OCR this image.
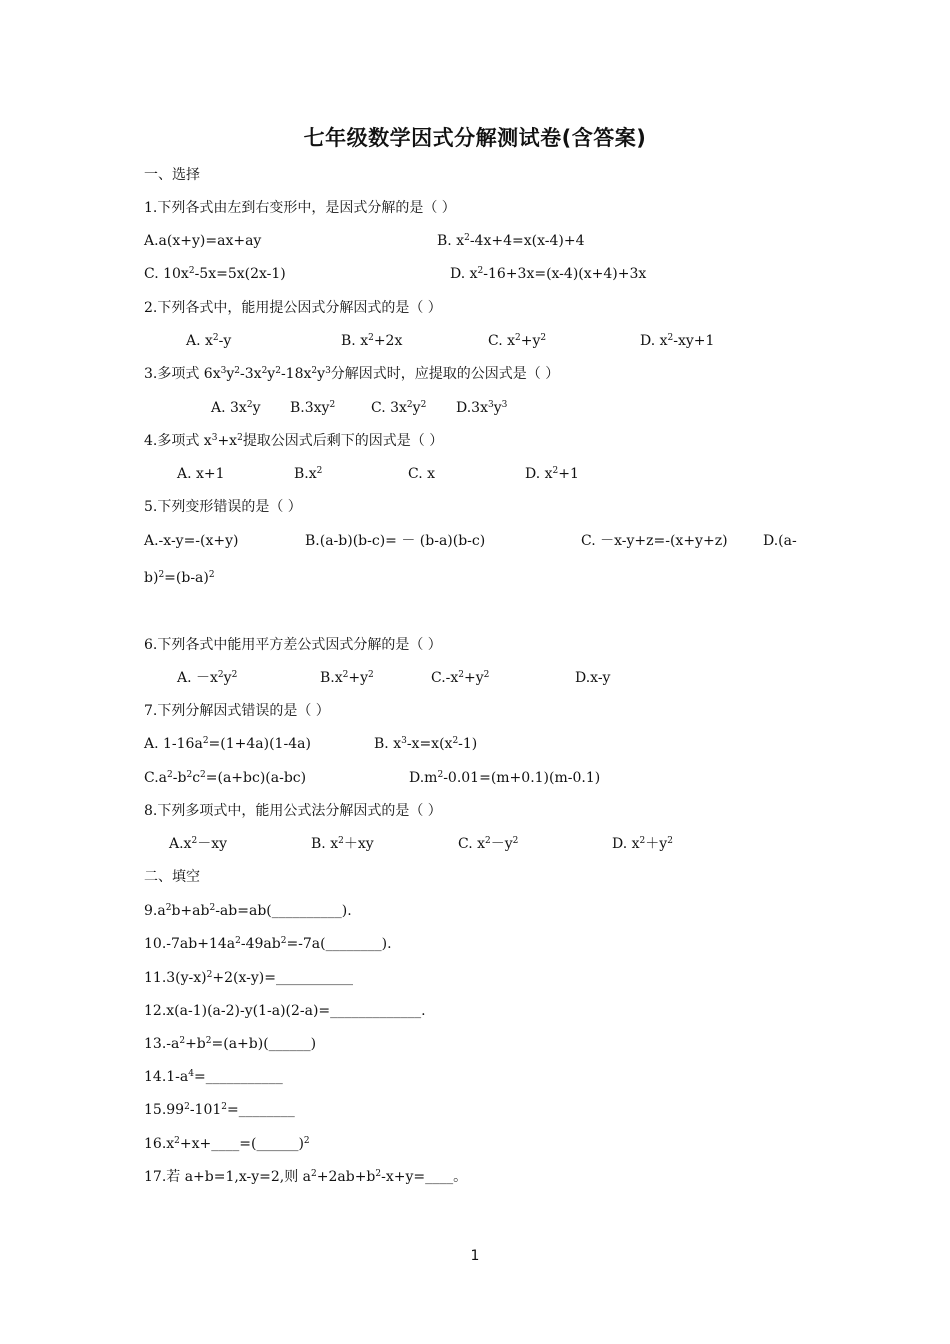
七年级数学因式分解测试卷(含答案)
一、选择
1.下列各式由左到右变形中，是因式分解的是（ ）
A.a(x+y)=ax+ay	B. $x^2-4x+4=x(x-4)+4$
C. $10x^2-5x=5x(2x-1)$	D. $x^2-16+3x=(x-4)(x+4)+3x$
2.下列各式中，能用提公因式分解因式的是（ ）
A. $x^2-y$	B. $x^2+2x$	C. $x^2+y^2$	D. $x^2-xy+1$
3.多项式 $6x^3y^2-3x^2y^2-18x^2y^3$分解因式时，应提取的公因式是（ ）
A. $3x^2y$ $B.3xy^2$	C. $3x^2y^2$ $D.3x^3y^3$
4.多项式 $x^3+x^2$提取公因式后剩下的因式是（ ）
A. x+1	$B.x^2$	C. x	D. $x^2+1$
5.下列变形错误的是（ ）
A.-x-y=-(x+y)	B.(a-b)(b-c)= － (b-a)(b-c)	C. －x-y+z=-(x+y+z)	D.(a-
$b)^2=(b-a)^2$
6.下列各式中能用平方差公式因式分解的是（ ）
A. $-x^2y^2$	$B.x^2+y^2$	$C.-x^2+y^2$	D.x-y
7.下列分解因式错误的是（ ）
A. $1-16a^2=(1+4a)(1-4a)$	B. $x^3-x=x(x^2-1)$
$C.a^2-b^2c^2=(a+bc)(a-bc)$	$D.m^2-0.01=(m+0.1)(m-0.1)$
8.下列多项式中，能用公式法分解因式的是（ ）
$A.x^2-xy$	B. $x^2+xy$	C. $x^2-y^2$	D. $x^2+y^2$
二、填空
$9.a^2b+ab^2-ab=ab(\_\_\_\_\_\_\_\_\_\_)$.
$10.-7ab+14a^2-49ab^2=-7a(\_\_\_\_\_\_\_\_)$.
$11.3(y-x)^2+2(x-y)=\_\_\_\_\_\_\_\_\_\_\_$
12.x(a-1)(a-2)-y(1-a)(2-a)=_____________.
$13.-a^2+b^2=(a+b)(\_\_\_\_\_\_)$
$14.1-a^4=\_\_\_\_\_\_\_\_\_\_\_$
$15.99^2-101^2=\_\_\_\_\_\_\_\_$
$16.x^2+x+\_\_\_\_=(\_\_\_\_\_\_)^2$
17.若 a+b=1,x-y=2,则 $a^2+2ab+b^2-x+y=\_\_\_\_$。
1
